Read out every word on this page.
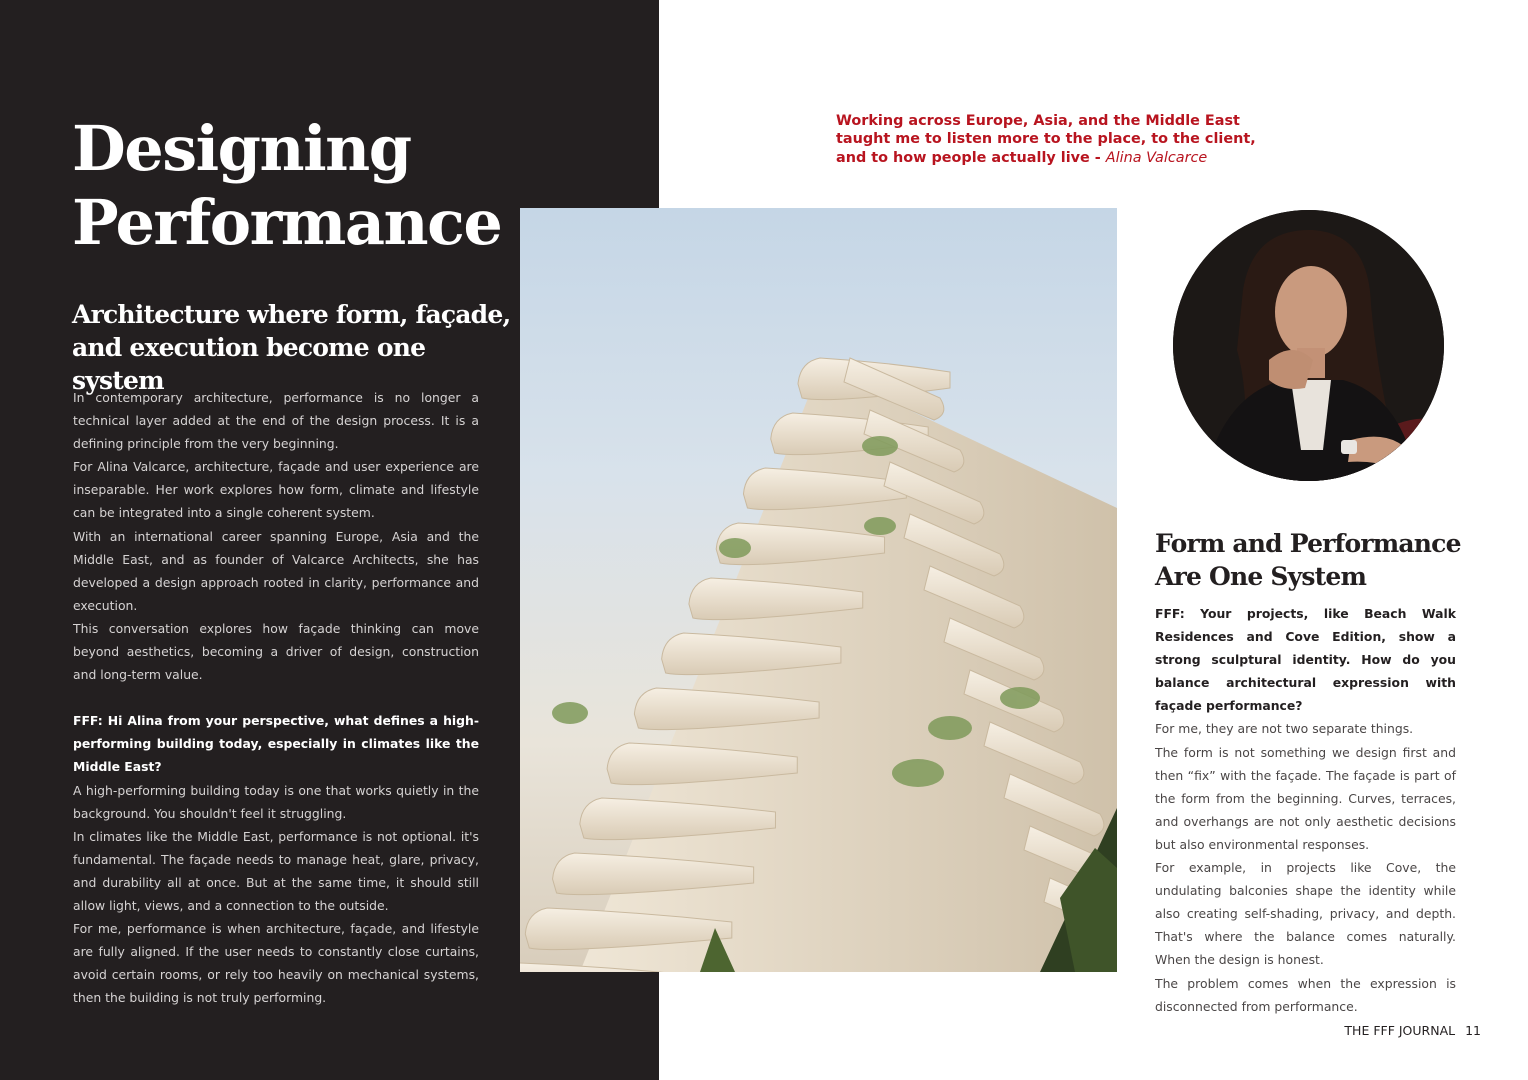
Designing
Performance
Architecture where form, façade, and execution become one system

In contemporary architecture, performance is no longer a technical layer added at the end of the design process. It is a defining principle from the very beginning.

For Alina Valcarce, architecture, façade and user experience are inseparable. Her work explores how form, climate and lifestyle can be integrated into a single coherent system.

With an international career spanning Europe, Asia and the Middle East, and as founder of Valcarce Architects, she has developed a design approach rooted in clarity, performance and execution.

This conversation explores how façade thinking can move beyond aesthetics, becoming a driver of design, construction and long-term value.

FFF: Hi Alina from your perspective, what defines a high-performing building today, especially in climates like the Middle East?

A high-performing building today is one that works quietly in the background. You shouldn't feel it struggling.

In climates like the Middle East, performance is not optional. it's fundamental. The façade needs to manage heat, glare, privacy, and durability all at once. But at the same time, it should still allow light, views, and a connection to the outside.

For me, performance is when architecture, façade, and lifestyle are fully aligned. If the user needs to constantly close curtains, avoid certain rooms, or rely too heavily on mechanical systems, then the building is not truly performing.

Working across Europe, Asia, and the Middle East taught me to listen more to the place, to the client, and to how people actually live - Alina Valcarce
Form and Performance Are One System

FFF: Your projects, like Beach Walk Residences and Cove Edition, show a strong sculptural identity. How do you balance architectural expression with façade performance?

For me, they are not two separate things.

The form is not something we design first and then “fix” with the façade. The façade is part of the form from the beginning. Curves, terraces, and overhangs are not only aesthetic decisions but also environmental responses.

For example, in projects like Cove, the undulating balconies shape the identity while also creating self-shading, privacy, and depth. That's where the balance comes naturally. When the design is honest.

The problem comes when the expression is disconnected from performance.

THE FFF JOURNAL 11
